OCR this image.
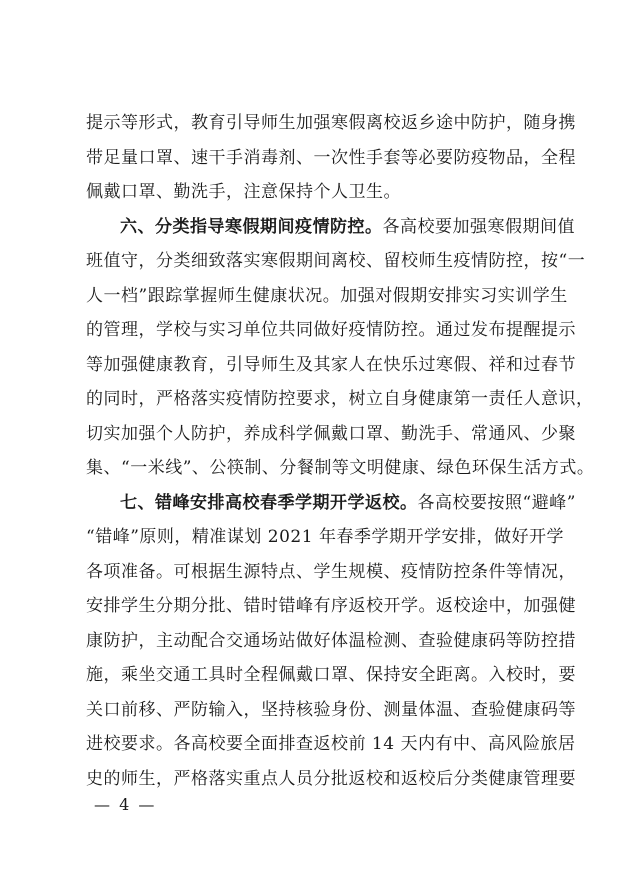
提示等形式，教育引导师生加强寒假离校返乡途中防护，随身携
带足量口罩、速干手消毒剂、一次性手套等必要防疫物品，全程
佩戴口罩、勤洗手，注意保持个人卫生。
六、分类指导寒假期间疫情防控。各高校要加强寒假期间值
班值守，分类细致落实寒假期间离校、留校师生疫情防控，按“一
人一档”跟踪掌握师生健康状况。加强对假期安排实习实训学生
的管理，学校与实习单位共同做好疫情防控。通过发布提醒提示
等加强健康教育，引导师生及其家人在快乐过寒假、祥和过春节
的同时，严格落实疫情防控要求，树立自身健康第一责任人意识，
切实加强个人防护，养成科学佩戴口罩、勤洗手、常通风、少聚
集、“一米线”、公筷制、分餐制等文明健康、绿色环保生活方式。
七、错峰安排高校春季学期开学返校。各高校要按照“避峰”
“错峰”原则，精准谋划 2021 年春季学期开学安排，做好开学
各项准备。可根据生源特点、学生规模、疫情防控条件等情况，
安排学生分期分批、错时错峰有序返校开学。返校途中，加强健
康防护，主动配合交通场站做好体温检测、查验健康码等防控措
施，乘坐交通工具时全程佩戴口罩、保持安全距离。入校时，要
关口前移、严防输入，坚持核验身份、测量体温、查验健康码等
进校要求。各高校要全面排查返校前 14 天内有中、高风险旅居
史的师生，严格落实重点人员分批返校和返校后分类健康管理要
— 4 —
